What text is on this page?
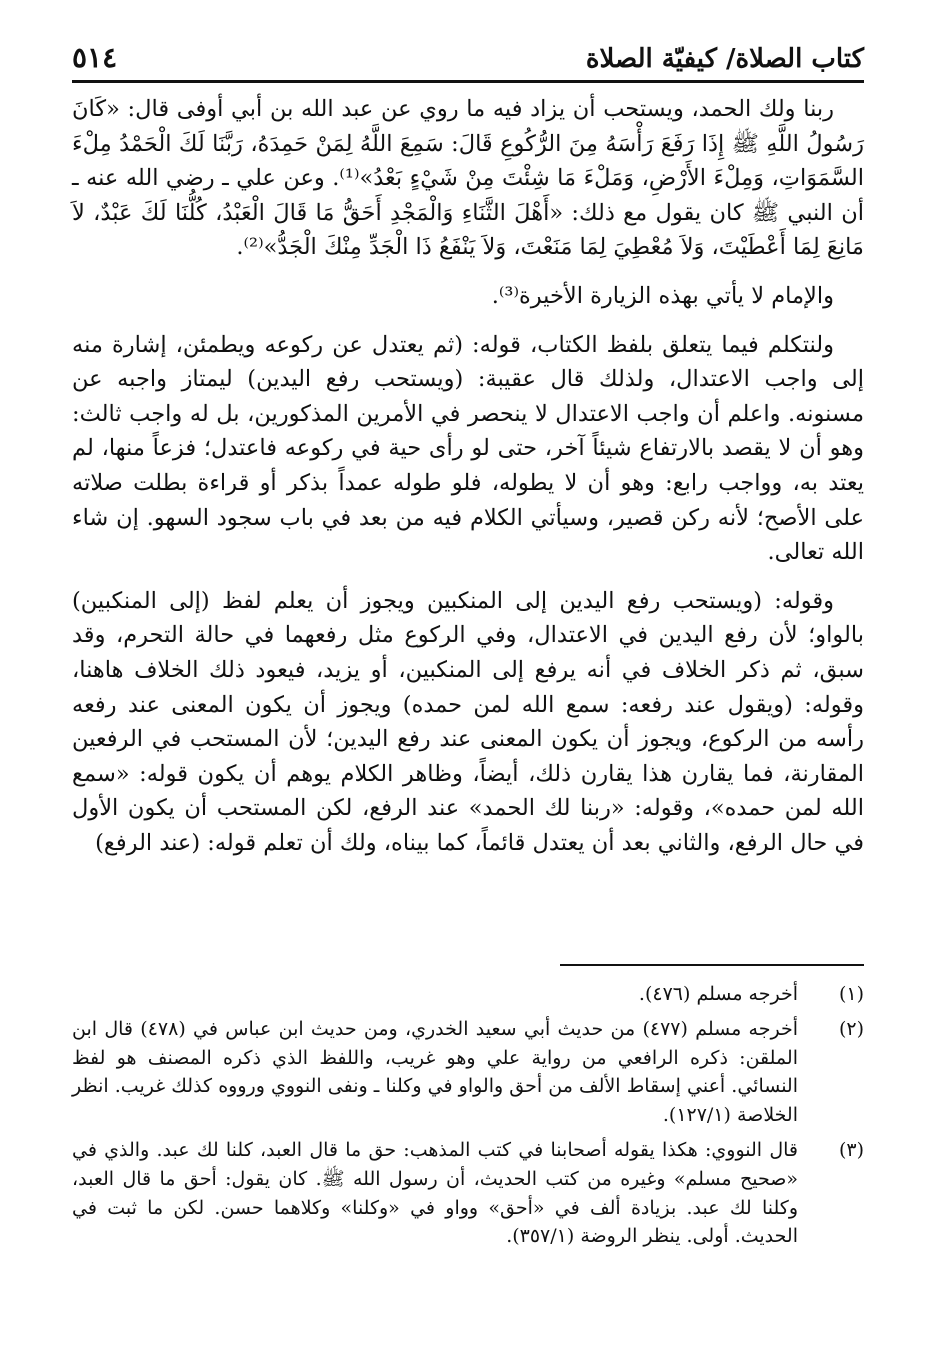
كتاب الصلاة/ كيفيّة الصلاة
٥١٤

ربنا ولك الحمد، ويستحب أن يزاد فيه ما روي عن عبد الله بن أبي أوفى قال: «كَانَ رَسُولُ اللَّهِ ﷺ إِذَا رَفَعَ رَأْسَهُ مِنَ الرُّكُوعِ قَالَ: سَمِعَ اللَّهُ لِمَنْ حَمِدَهُ، رَبَّنَا لَكَ الْحَمْدُ مِلْءَ السَّمَوَاتِ، وَمِلْءَ الأَرْضِ، وَمَلْءَ مَا شِئْتَ مِنْ شَيْءٍ بَعْدُ»⁽¹⁾. وعن علي ـ رضي الله عنه ـ أن النبي ﷺ كان يقول مع ذلك: «أَهْلَ الثَّنَاءِ وَالْمَجْدِ أَحَقُّ مَا قَالَ الْعَبْدُ، كُلُّنَا لَكَ عَبْدٌ، لاَ مَانِعَ لِمَا أَعْطَيْتَ، وَلاَ مُعْطِيَ لِمَا مَنَعْتَ، وَلاَ يَنْفَعُ ذَا الْجَدِّ مِنْكَ الْجَدُّ»⁽²⁾.

والإمام لا يأتي بهذه الزيارة الأخيرة⁽³⁾.

ولنتكلم فيما يتعلق بلفظ الكتاب، قوله: (ثم يعتدل عن ركوعه ويطمئن، إشارة منه إلى واجب الاعتدال، ولذلك قال عقيبة: (ويستحب رفع اليدين) ليمتاز واجبه عن مسنونه. واعلم أن واجب الاعتدال لا ينحصر في الأمرين المذكورين، بل له واجب ثالث: وهو أن لا يقصد بالارتفاع شيئاً آخر، حتى لو رأى حية في ركوعه فاعتدل؛ فزعاً منها، لم يعتد به، وواجب رابع: وهو أن لا يطوله، فلو طوله عمداً بذكر أو قراءة بطلت صلاته على الأصح؛ لأنه ركن قصير، وسيأتي الكلام فيه من بعد في باب سجود السهو. إن شاء الله تعالى.

وقوله: (ويستحب رفع اليدين إلى المنكبين ويجوز أن يعلم لفظ (إلى المنكبين) بالواو؛ لأن رفع اليدين في الاعتدال، وفي الركوع مثل رفعهما في حالة التحرم، وقد سبق، ثم ذكر الخلاف في أنه يرفع إلى المنكبين، أو يزيد، فيعود ذلك الخلاف هاهنا، وقوله: (ويقول عند رفعه: سمع الله لمن حمده) ويجوز أن يكون المعنى عند رفعه رأسه من الركوع، ويجوز أن يكون المعنى عند رفع اليدين؛ لأن المستحب في الرفعين المقارنة، فما يقارن هذا يقارن ذلك، أيضاً، وظاهر الكلام يوهم أن يكون قوله: «سمع الله لمن حمده»، وقوله: «ربنا لك الحمد» عند الرفع، لكن المستحب أن يكون الأول في حال الرفع، والثاني بعد أن يعتدل قائماً، كما بيناه، ولك أن تعلم قوله: (عند الرفع)

(١)
أخرجه مسلم (٤٧٦).
(٢)
أخرجه مسلم (٤٧٧) من حديث أبي سعيد الخدري، ومن حديث ابن عباس في (٤٧٨) قال ابن الملقن: ذكره الرافعي من رواية علي وهو غريب، واللفظ الذي ذكره المصنف هو لفظ النسائي. أعني إسقاط الألف من أحق والواو في وكلنا ـ ونفى النووي ورووه كذلك غريب. انظر الخلاصة (١٢٧/١).
(٣)
قال النووي: هكذا يقوله أصحابنا في كتب المذهب: حق ما قال العبد، كلنا لك عبد. والذي في «صحيح مسلم» وغيره من كتب الحديث، أن رسول الله ﷺ. كان يقول: أحق ما قال العبد، وكلنا لك عبد. بزيادة ألف في «أحق» وواو في «وكلنا» وكلاهما حسن. لكن ما ثبت في الحديث. أولى. ينظر الروضة (٣٥٧/١).
